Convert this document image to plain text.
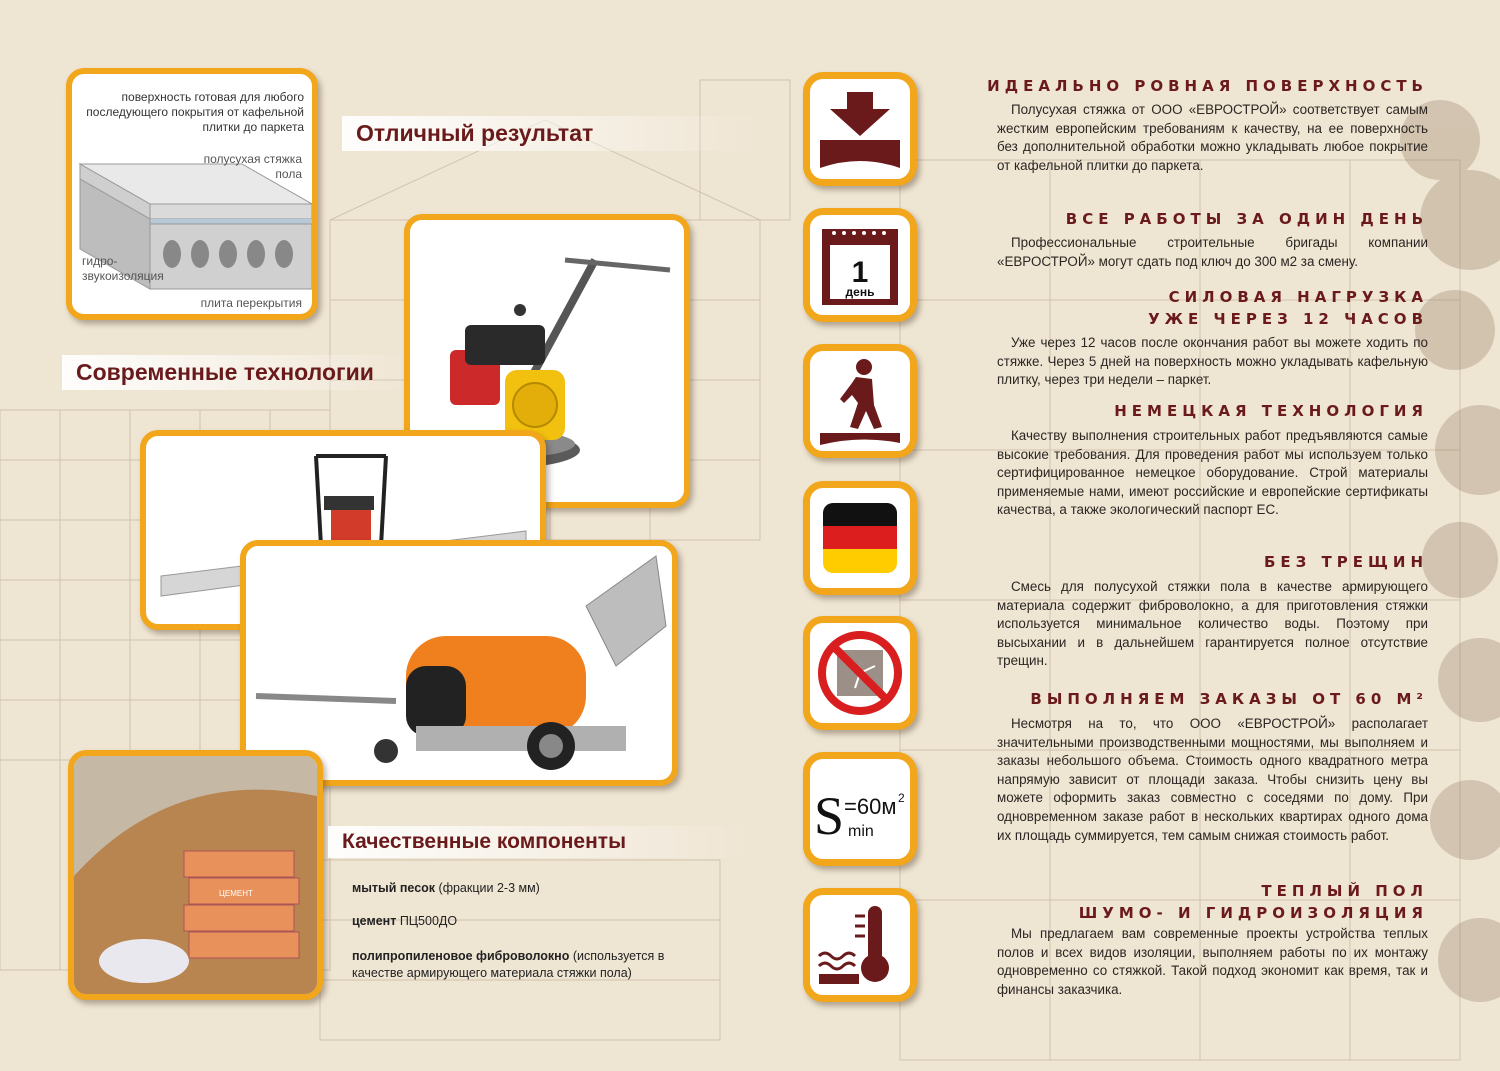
поверхность готовая для любого последующего покрытия от кафельной плитки до паркета
полусухая стяжка пола
гидро- звукоизоляция
плита перекрытия
Отличный результат
Современные технологии
ЦЕМЕНТ
Качественные компоненты
мытый песок (фракции 2-3 мм)
цемент ПЦ500ДО
полипропиленовое фиброволокно (используется в качестве армирующего материала стяжки пола)
1
день
S =60м 2
min
ИДЕАЛЬНО РОВНАЯ ПОВЕРХНОСТЬ
Полусухая стяжка от ООО «ЕВРОСТРОЙ» соответствует самым жестким европейским требованиям к качеству, на ее поверхность без дополнительной обработки можно укладывать любое покрытие от кафельной плитки до паркета.
ВСЕ РАБОТЫ ЗА ОДИН ДЕНЬ
Профессиональные строительные бригады компании «ЕВРОСТРОЙ» могут сдать под ключ до 300 м2 за смену.
СИЛОВАЯ НАГРУЗКА
УЖЕ ЧЕРЕЗ 12 ЧАСОВ
Уже через 12 часов после окончания работ вы можете ходить по стяжке. Через 5 дней на поверхность можно укладывать кафельную плитку, через три недели – паркет.
НЕМЕЦКАЯ ТЕХНОЛОГИЯ
Качеству выполнения строительных работ предъявляются самые высокие требования. Для проведения работ мы используем только сертифицированное немецкое оборудование. Строй материалы применяемые нами, имеют российские и европейские сертификаты качества, а также экологический паспорт ЕС.
БЕЗ ТРЕЩИН
Смесь для полусухой стяжки пола в качестве армирующего материала содержит фиброволокно, а для приготовления стяжки используется минимальное количество воды. Поэтому при высыхании и в дальнейшем гарантируется полное отсутствие трещин.
ВЫПОЛНЯЕМ ЗАКАЗЫ ОТ 60 М²
Несмотря на то, что ООО «ЕВРОСТРОЙ» располагает значительными производственными мощностями, мы выполняем и заказы небольшого объема. Стоимость одного квадратного метра напрямую зависит от площади заказа. Чтобы снизить цену вы можете оформить заказ совместно с соседями по дому. При одновременном заказе работ в нескольких квартирах одного дома их площадь суммируется, тем самым снижая стоимость работ.
ТЕПЛЫЙ ПОЛ
ШУМО- И ГИДРОИЗОЛЯЦИЯ
Мы предлагаем вам современные проекты устройства теплых полов и всех видов изоляции, выполняем работы по их монтажу одновременно со стяжкой. Такой подход экономит как время, так и финансы заказчика.
